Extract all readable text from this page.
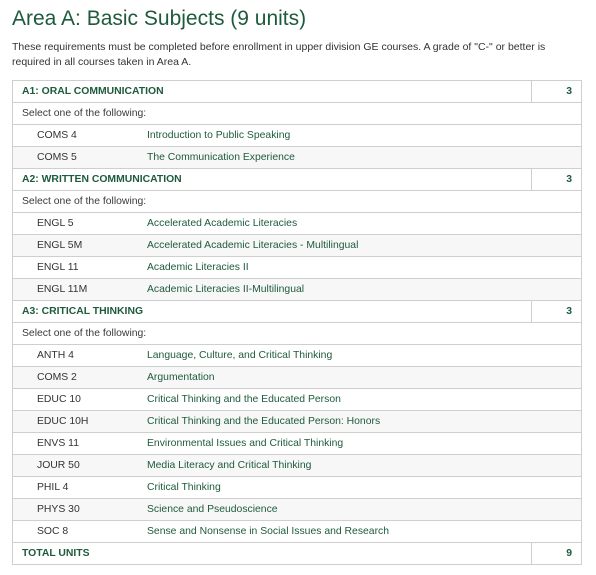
Area A: Basic Subjects (9 units)

These requirements must be completed before enrollment in upper division GE courses. A grade of "C-" or better is required in all courses taken in Area A.

A1: ORAL COMMUNICATION		3
Select one of the following:		
COMS 4	Introduction to Public Speaking	
COMS 5	The Communication Experience	
A2: WRITTEN COMMUNICATION		3
Select one of the following:		
ENGL 5	Accelerated Academic Literacies	
ENGL 5M	Accelerated Academic Literacies - Multilingual	
ENGL 11	Academic Literacies II	
ENGL 11M	Academic Literacies II-Multilingual	
A3: CRITICAL THINKING		3
Select one of the following:		
ANTH 4	Language, Culture, and Critical Thinking	
COMS 2	Argumentation	
EDUC 10	Critical Thinking and the Educated Person	
EDUC 10H	Critical Thinking and the Educated Person: Honors	
ENVS 11	Environmental Issues and Critical Thinking	
JOUR 50	Media Literacy and Critical Thinking	
PHIL 4	Critical Thinking	
PHYS 30	Science and Pseudoscience	
SOC 8	Sense and Nonsense in Social Issues and Research	
TOTAL UNITS		9
